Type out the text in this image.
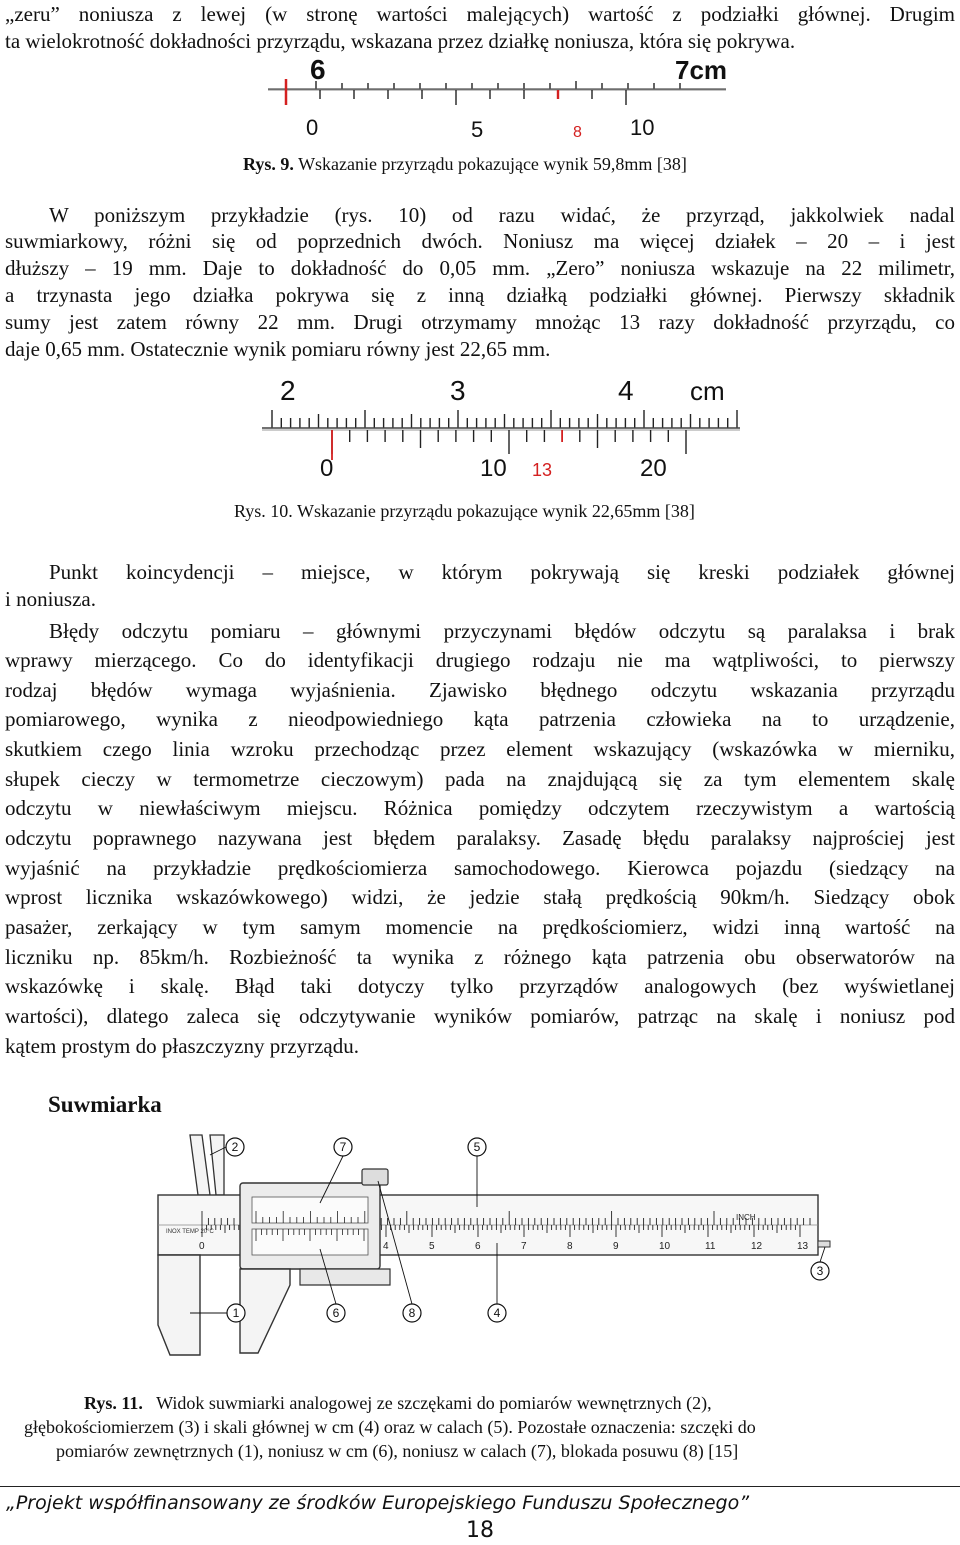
„zeru” noniusza z lewej (w stronę wartości malejących) wartość z podziałki głównej. Drugim
ta wielokrotność dokładności przyrządu, wskazana przez działkę noniusza, która się pokrywa.
6	7cm
0	5	8 10
Rys. 9. Wskazanie przyrządu pokazujące wynik 59,8mm [38]
W poniższym przykładzie (rys. 10) od razu widać, że przyrząd, jakkolwiek nadal
suwmiarkowy, różni się od poprzednich dwóch. Noniusz ma więcej działek – 20 – i jest
dłuższy – 19 mm. Daje to dokładność do 0,05 mm. „Zero” noniusza wskazuje na 22 milimetr,
a trzynasta jego działka pokrywa się z inną działką podziałki głównej. Pierwszy składnik
sumy jest zatem równy 22 mm. Drugi otrzymamy mnożąc 13 razy dokładność przyrządu, co
daje 0,65 mm. Ostatecznie wynik pomiaru równy jest 22,65 mm.
2	3	4 cm
0	10 13	20
Rys. 10. Wskazanie przyrządu pokazujące wynik 22,65mm [38]
Punkt koincydencji – miejsce, w którym pokrywają się kreski podziałek głównej
i noniusza.
Błędy odczytu pomiaru – głównymi przyczynami błędów odczytu są paralaksa i brak
wprawy mierzącego. Co do identyfikacji drugiego rodzaju nie ma wątpliwości, to pierwszy
rodzaj błędów wymaga wyjaśnienia. Zjawisko błędnego odczytu wskazania przyrządu
pomiarowego, wynika z nieodpowiedniego kąta patrzenia człowieka na to urządzenie,
skutkiem czego linia wzroku przechodząc przez element wskazujący (wskazówka w mierniku,
słupek cieczy w termometrze cieczowym) pada na znajdującą się za tym elementem skalę
odczytu w niewłaściwym miejscu. Różnica pomiędzy odczytem rzeczywistym a wartością
odczytu poprawnego nazywana jest błędem paralaksy. Zasadę błędu paralaksy najprościej jest
wyjaśnić na przykładzie prędkościomierza samochodowego. Kierowca pojazdu (siedzący na
wprost licznika wskazówkowego) widzi, że jedzie stałą prędkością 90km/h. Siedzący obok
pasażer, zerkający w tym samym momencie na prędkościomierz, widzi inną wartość na
liczniku np. 85km/h. Rozbieżność ta wynika z różnego kąta patrzenia obu obserwatorów na
wskazówkę i skalę. Błąd taki dotyczy tylko przyrządów analogowych (bez wyświetlanej
wartości), dlatego zaleca się odczytywanie wyników pomiarów, patrząc na skalę i noniusz pod
kątem prostym do płaszczyzny przyrządu.
Suwmiarka
0	4	5	6	7	8	9	10	11	12	13
INCH
INOX TEMP 20°C
2	7	5
3
1	6	8	4
Rys. 11. Widok suwmiarki analogowej ze szczękami do pomiarów wewnętrznych (2),
głębokościomierzem (3) i skali głównej w cm (4) oraz w calach (5). Pozostałe oznaczenia: szczęki do
pomiarów zewnętrznych (1), noniusz w cm (6), noniusz w calach (7), blokada posuwu (8) [15]
„Projekt współfinansowany ze środków Europejskiego Funduszu Społecznego”
18
